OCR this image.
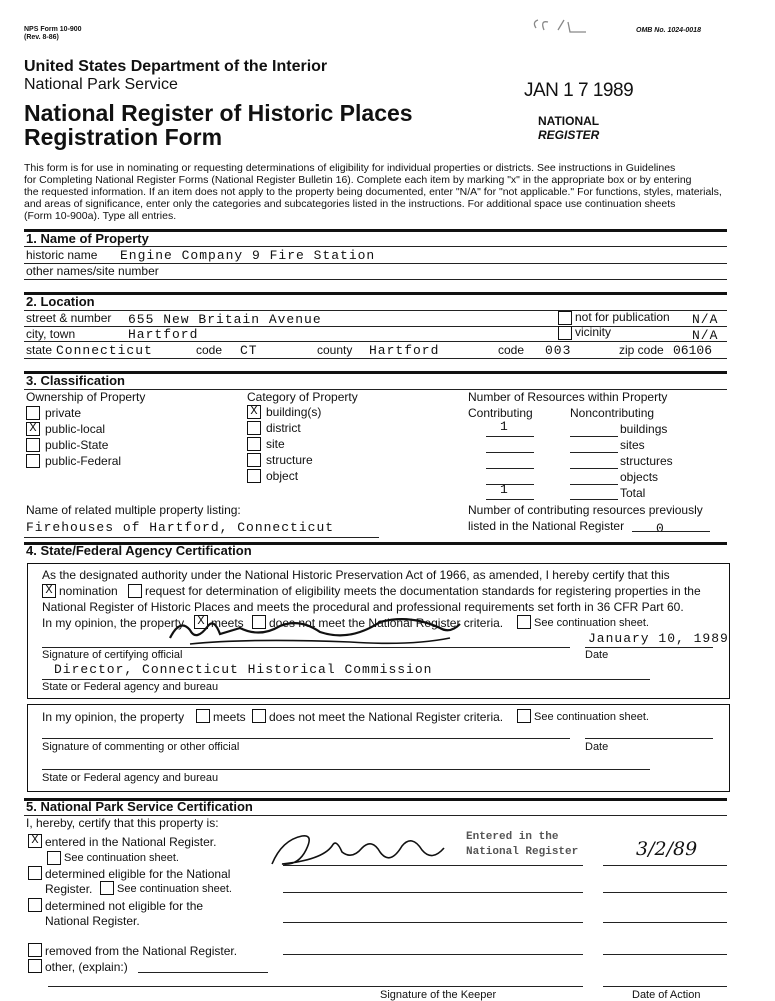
NPS Form 10-900
(Rev. 8-86)
OMB No. 1024-0018
United States Department of the Interior
National Park Service
National Register of Historic Places
Registration Form
JAN 1 7 1989
NATIONAL
REGISTER
This form is for use in nominating or requesting determinations of eligibility for individual properties or districts. See instructions in Guidelines
for Completing National Register Forms (National Register Bulletin 16). Complete each item by marking "x" in the appropriate box or by entering
the requested information. If an item does not apply to the property being documented, enter "N/A" for "not applicable." For functions, styles, materials,
and areas of significance, enter only the categories and subcategories listed in the instructions. For additional space use continuation sheets
(Form 10-900a). Type all entries.
1. Name of Property
historic name Engine Company 9 Fire Station
other names/site number
2. Location
street & number 655 New Britain Avenue	not for publication N/A
city, town	Hartford	vicinity	N/A
state Connecticut	code CT	county Hartford	code 003	zip code 06106
3. Classification
Ownership of Property	Category of Property	Number of Resources within Property
private
X public-local
public-State
public-Federal
X building(s)
district
site
structure
object
Contributing	Noncontributing
1	buildings
sites
structures
objects
1	Total
Name of related multiple property listing:
Firehouses of Hartford, Connecticut
Number of contributing resources previously
listed in the National Register 0
4. State/Federal Agency Certification
As the designated authority under the National Historic Preservation Act of 1966, as amended, I hereby certify that this
X nomination request for determination of eligibility meets the documentation standards for registering properties in the
National Register of Historic Places and meets the procedural and professional requirements set forth in 36 CFR Part 60.
In my opinion, the property X meets does not meet the National Register criteria.	See continuation sheet.
January 10, 1989
Signature of certifying official	Date
Director, Connecticut Historical Commission
State or Federal agency and bureau
In my opinion, the property meets does not meet the National Register criteria.	See continuation sheet.
Signature of commenting or other official	Date
State or Federal agency and bureau
5. National Park Service Certification
I, hereby, certify that this property is:
X entered in the National Register.
See continuation sheet.
determined eligible for the National
Register. See continuation sheet.
determined not eligible for the
National Register.
removed from the National Register.
other, (explain:)
Entered in the
National Register	3/2/89
Signature of the Keeper	Date of Action
